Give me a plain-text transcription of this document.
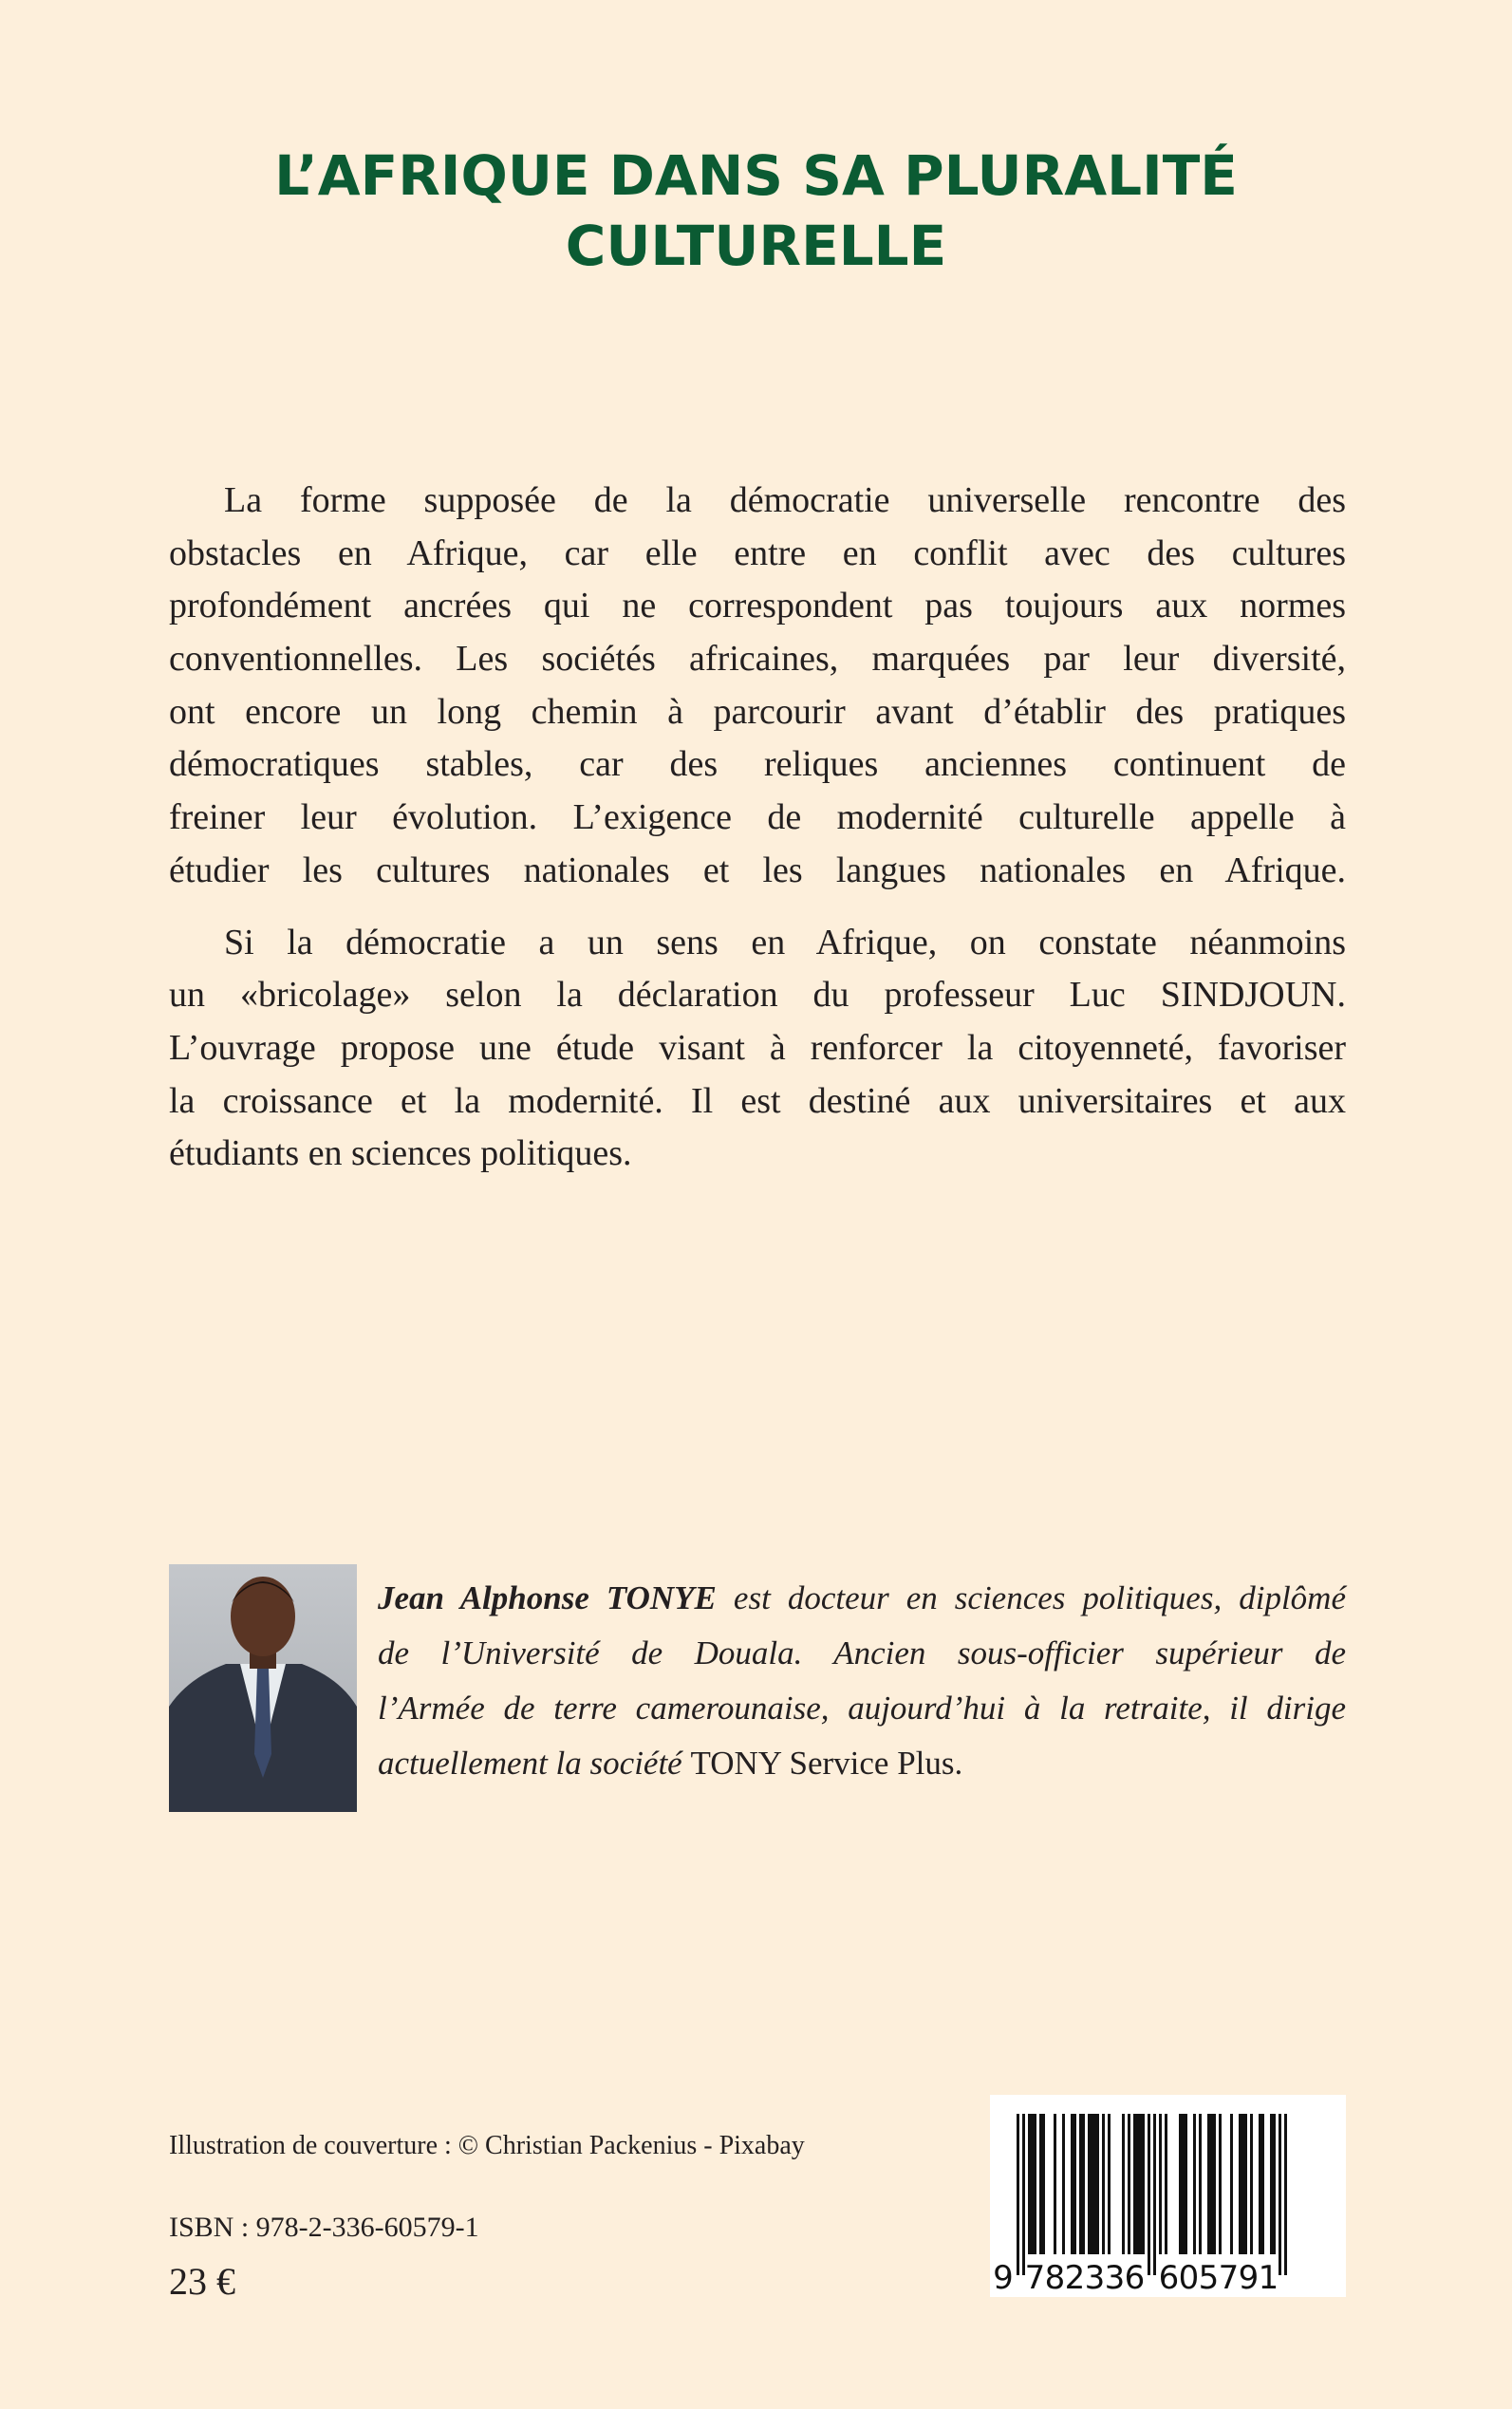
L’AFRIQUE DANS SA PLURALITÉ
CULTURELLE
La forme supposée de la démocratie universelle rencontre des
obstacles en Afrique, car elle entre en conflit avec des cultures
profondément ancrées qui ne correspondent pas toujours aux normes
conventionnelles. Les sociétés africaines, marquées par leur diversité,
ont encore un long chemin à parcourir avant d’établir des pratiques
démocratiques stables, car des reliques anciennes continuent de
freiner leur évolution. L’exigence de modernité culturelle appelle à
étudier les cultures nationales et les langues nationales en Afrique.
Si la démocratie a un sens en Afrique, on constate néanmoins
un «bricolage» selon la déclaration du professeur Luc SINDJOUN.
L’ouvrage propose une étude visant à renforcer la citoyenneté, favoriser
la croissance et la modernité. Il est destiné aux universitaires et aux
étudiants en sciences politiques.
Jean Alphonse TONYE est docteur en sciences politiques, diplômé
de l’Université de Douala. Ancien sous-officier supérieur de
l’Armée de terre camerounaise, aujourd’hui à la retraite, il dirige
actuellement la société TONY Service Plus.
Illustration de couverture : © Christian Packenius - Pixabay
ISBN : 978-2-336-60579-1
23 €	9 7 8 2 3 3 6 6 0 5 7 9 1
